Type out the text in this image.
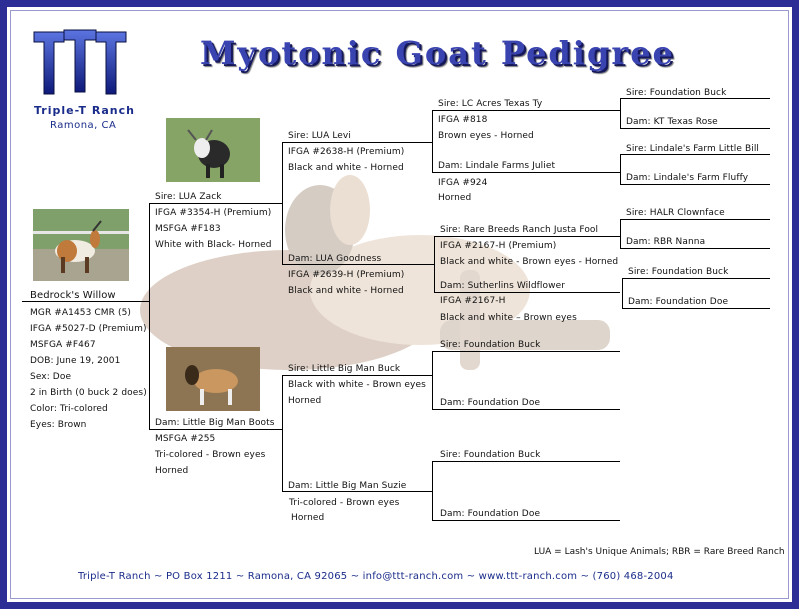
Triple-T Ranch
Ramona, CA
Myotonic Goat Pedigree
Bedrock's Willow
MGR #A1453 CMR (5)
IFGA #5027-D (Premium)
MSFGA #F467
DOB: June 19, 2001
Sex: Doe
2 in Birth (0 buck 2 does)
Color: Tri-colored
Eyes: Brown
Sire: LUA Zack
IFGA #3354-H (Premium)
MSFGA #F183
White with Black- Horned
Dam: Little Big Man Boots
MSFGA #255
Tri-colored - Brown eyes
Horned
Sire: LUA Levi
IFGA #2638-H (Premium)
Black and white - Horned
Dam: LUA Goodness
IFGA #2639-H (Premium)
Black and white - Horned
Sire: Little Big Man Buck
Black with white - Brown eyes
Horned
Dam: Little Big Man Suzie
Tri-colored - Brown eyes
Horned
Sire: LC Acres Texas Ty
IFGA #818
Brown eyes - Horned
Dam: Lindale Farms Juliet
IFGA #924
Horned
Sire: Rare Breeds Ranch Justa Fool
IFGA #2167-H (Premium)
Black and white - Brown eyes - Horned
Dam: Sutherlins Wildflower
IFGA #2167-H
Black and white – Brown eyes
Sire: Foundation Buck
Dam: Foundation Doe
Sire: Foundation Buck
Dam: Foundation Doe
Sire: Foundation Buck
Dam: KT Texas Rose
Sire: Lindale's Farm Little Bill
Dam: Lindale's Farm Fluffy
Sire: HALR Clownface
Dam: RBR Nanna
Sire: Foundation Buck
Dam: Foundation Doe
LUA = Lash's Unique Animals; RBR = Rare Breed Ranch
Triple-T Ranch ~ PO Box 1211 ~ Ramona, CA 92065 ~ info@ttt-ranch.com ~ www.ttt-ranch.com ~ (760) 468-2004
